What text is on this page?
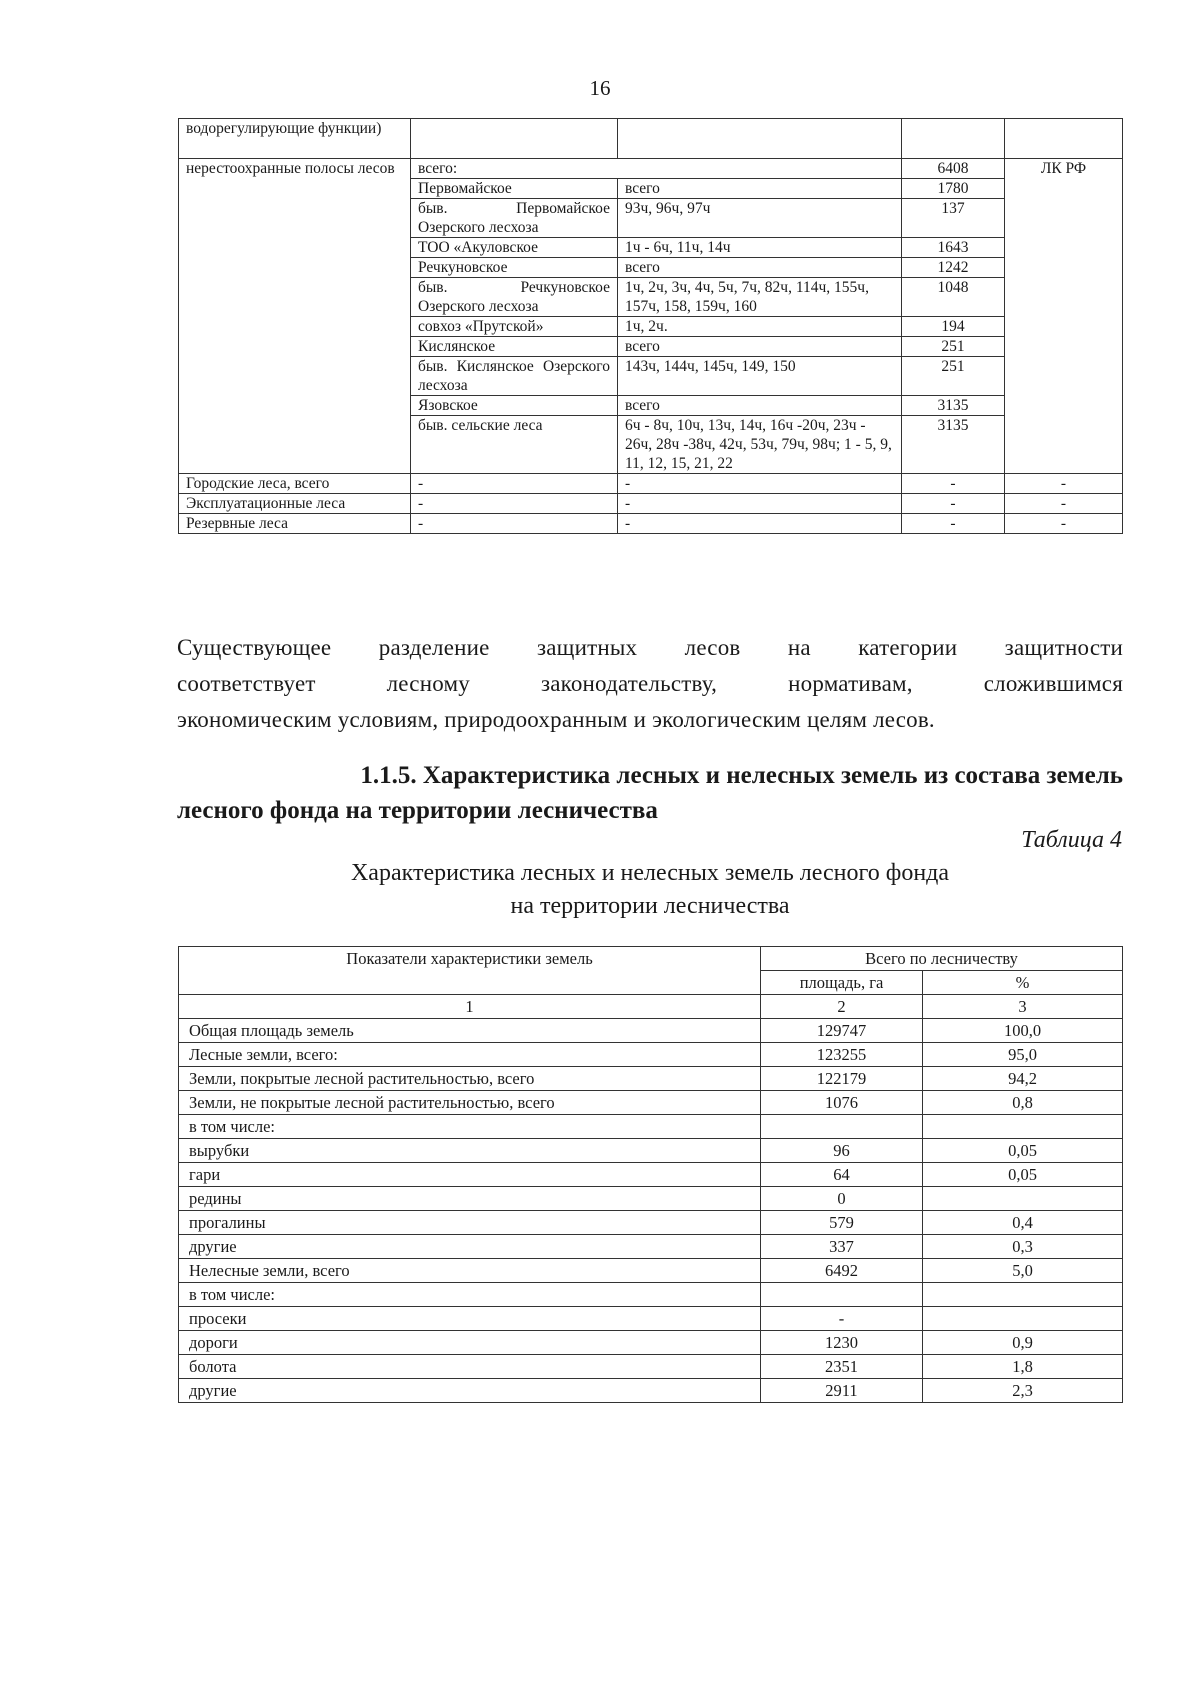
16
водорегулирующие функции)				
нерестоохранные полосы лесов	всего:		6408	ЛК РФ
	Первомайское	всего	1780	
	быв. Первомайское Озерского лесхоза	93ч, 96ч, 97ч	137	
	ТОО «Акуловское	1ч - 6ч, 11ч, 14ч	1643	
	Речкуновское	всего	1242	
	быв. Речкуновское Озерского лесхоза	1ч, 2ч, 3ч, 4ч, 5ч, 7ч, 82ч, 114ч, 155ч, 157ч, 158, 159ч, 160	1048	
	совхоз «Прутской»	1ч, 2ч.	194	
	Кислянское	всего	251	
	быв. Кислянское Озерского лесхоза	143ч, 144ч, 145ч, 149, 150	251	
	Язовское	всего	3135	
	быв. сельские леса	6ч - 8ч, 10ч, 13ч, 14ч, 16ч -20ч, 23ч - 26ч, 28ч -38ч, 42ч, 53ч, 79ч, 98ч; 1 - 5, 9, 11, 12, 15, 21, 22	3135	
Городские леса, всего	-	-	-	-
Эксплуатационные леса	-	-	-	-
Резервные леса	-	-	-	-
Существующее разделение защитных лесов на категории защитности
соответствует лесному законодательству, нормативам, сложившимся
экономическим условиям, природоохранным и экологическим целям лесов.
1.1.5. Характеристика лесных и нелесных земель из состава земель
лесного фонда на территории лесничества
Таблица 4
Характеристика лесных и нелесных земель лесного фонда
на территории лесничества
Показатели характеристики земель	Всего по лесничеству	
	площадь, га	%
1	2	3
Общая площадь земель	129747	100,0
Лесные земли, всего:	123255	95,0
Земли, покрытые лесной растительностью, всего	122179	94,2
Земли, не покрытые лесной растительностью, всего	1076	0,8
в том числе:		
вырубки	96	0,05
гари	64	0,05
редины	0	
прогалины	579	0,4
другие	337	0,3
Нелесные земли, всего	6492	5,0
в том числе:		
просеки	-	
дороги	1230	0,9
болота	2351	1,8
другие	2911	2,3
